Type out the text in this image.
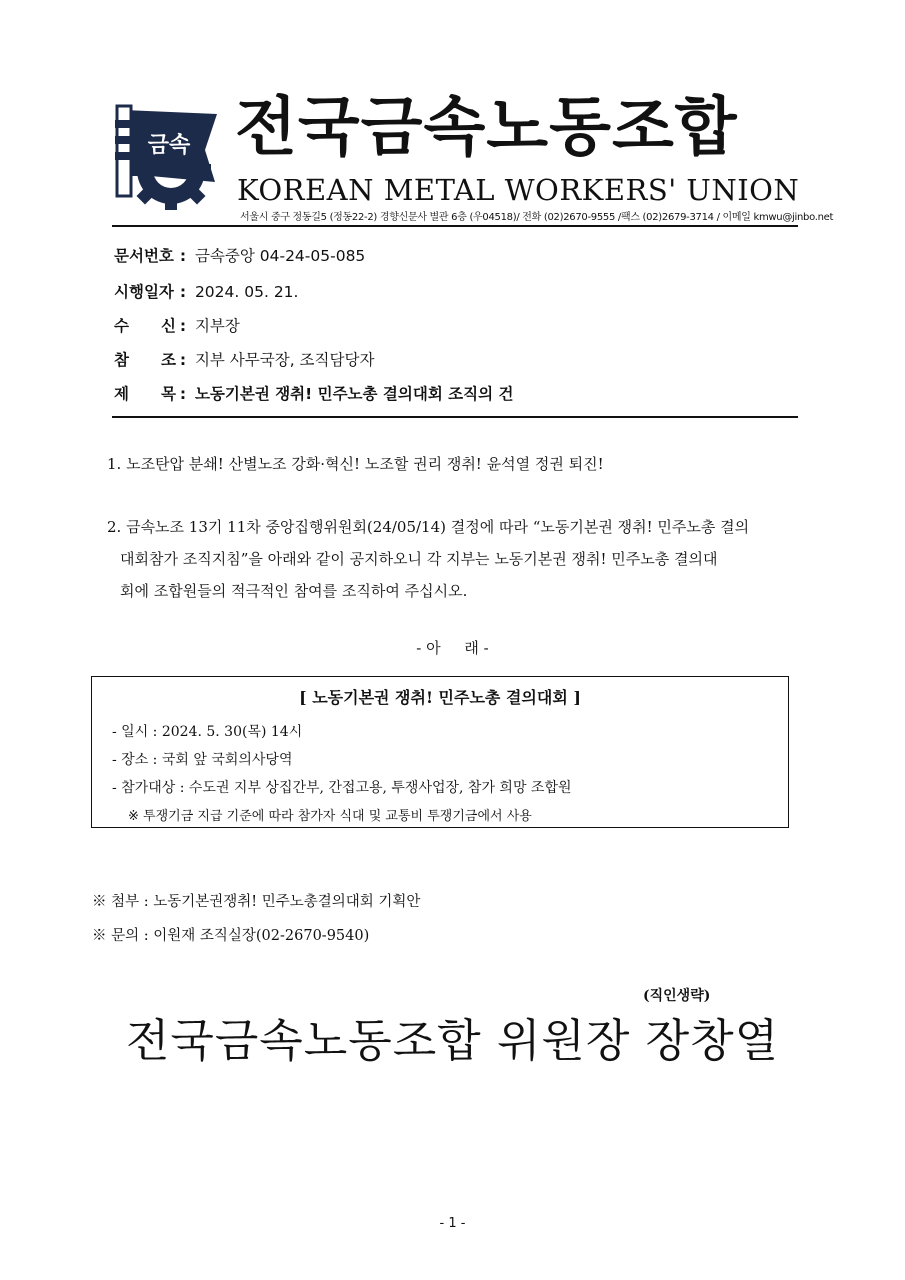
금속 전국금속노동조합
KOREAN METAL WORKERS' UNION
서울시 중구 정동길5 (정동22-2) 경향신문사 별관 6층 (우04518)/ 전화 (02)2670-9555 /팩스 (02)2679-3714 / 이메일 kmwu@jinbo.net
문서번호 : 금속중앙 04-24-05-085
시행일자 : 2024. 05. 21.
수 신 : 지부장
참 조 : 지부 사무국장, 조직담당자
제 목 : 노동기본권 쟁취! 민주노총 결의대회 조직의 건
1. 노조탄압 분쇄! 산별노조 강화·혁신! 노조할 권리 쟁취! 윤석열 정권 퇴진!
2. 금속노조 13기 11차 중앙집행위원회(24/05/14) 결정에 따라 “노동기본권 쟁취! 민주노총 결의
대회참가 조직지침”을 아래와 같이 공지하오니 각 지부는 노동기본권 쟁취! 민주노총 결의대
회에 조합원들의 적극적인 참여를 조직하여 주십시오.
- 아     래 -
[ 노동기본권 쟁취! 민주노총 결의대회 ]
- 일시 : 2024. 5. 30(목) 14시
- 장소 : 국회 앞 국회의사당역
- 참가대상 : 수도권 지부 상집간부, 간접고용, 투쟁사업장, 참가 희망 조합원
※ 투쟁기금 지급 기준에 따라 참가자 식대 및 교통비 투쟁기금에서 사용
※ 첨부 : 노동기본권쟁취! 민주노총결의대회 기획안
※ 문의 : 이원재 조직실장(02-2670-9540)
(직인생략)
전국금속노동조합 위원장 장창열
- 1 -
